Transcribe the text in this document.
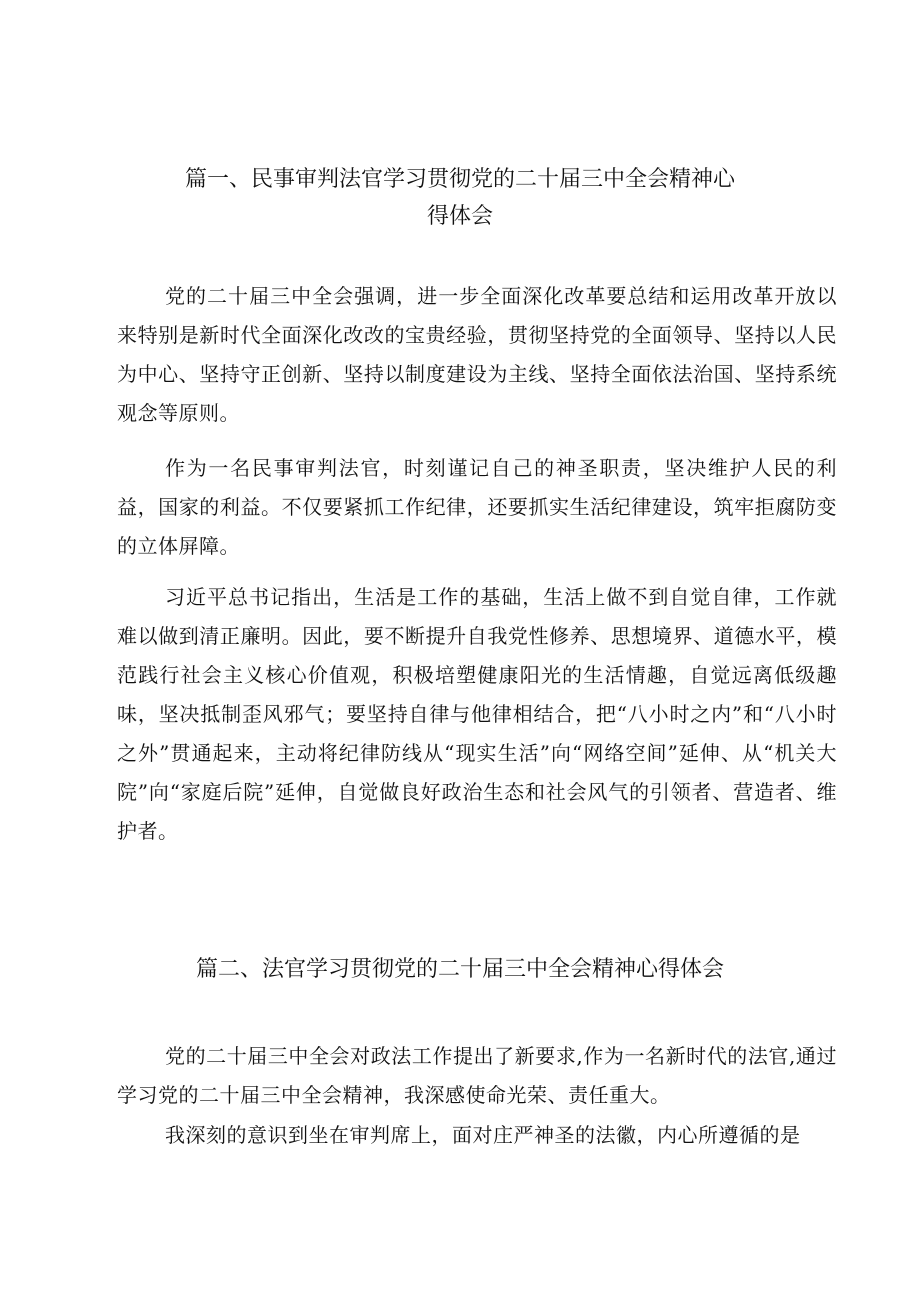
篇一、民事审判法官学习贯彻党的二十届三中全会精神心
得体会

党的二十届三中全会强调，进一步全面深化改革要总结和运用改革开放以来特别是新时代全面深化改改的宝贵经验，贯彻坚持党的全面领导、坚持以人民为中心、坚持守正创新、坚持以制度建设为主线、坚持全面依法治国、坚持系统观念等原则。

作为一名民事审判法官，时刻谨记自己的神圣职责，坚决维护人民的利益，国家的利益。不仅要紧抓工作纪律，还要抓实生活纪律建设，筑牢拒腐防变的立体屏障。

习近平总书记指出，生活是工作的基础，生活上做不到自觉自律，工作就难以做到清正廉明。因此，要不断提升自我党性修养、思想境界、道德水平，模范践行社会主义核心价值观，积极培塑健康阳光的生活情趣，自觉远离低级趣味，坚决抵制歪风邪气；要坚持自律与他律相结合，把“八小时之内”和“八小时之外”贯通起来，主动将纪律防线从“现实生活”向“网络空间”延伸、从“机关大院”向“家庭后院”延伸，自觉做良好政治生态和社会风气的引领者、营造者、维护者。

篇二、法官学习贯彻党的二十届三中全会精神心得体会

党的二十届三中全会对政法工作提出了新要求,作为一名新时代的法官,通过学习党的二十届三中全会精神，我深感使命光荣、责任重大。

我深刻的意识到坐在审判席上，面对庄严神圣的法徽，内心所遵循的是
